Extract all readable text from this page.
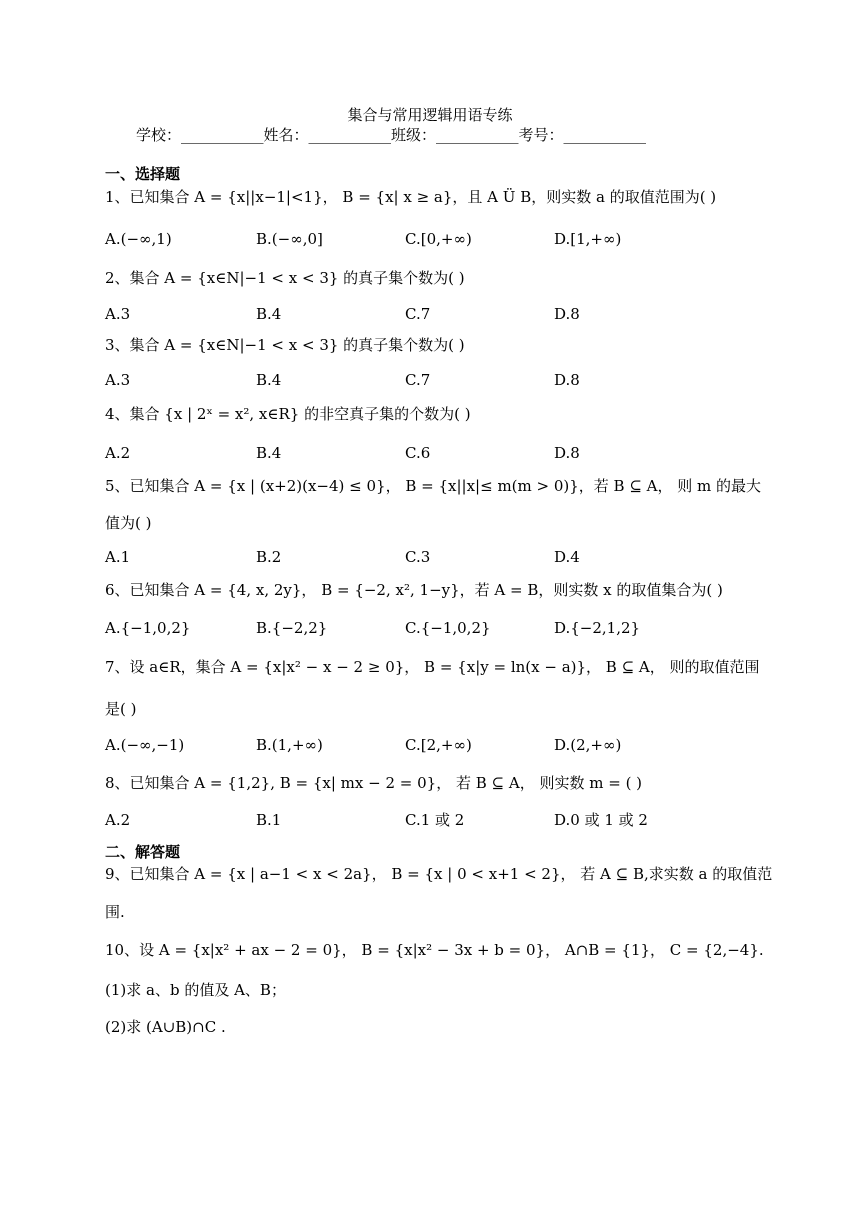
集合与常用逻辑用语专练
学校：___________姓名：___________班级：___________考号：___________
一、选择题
1、已知集合 A = {x||x−1|<1}， B = {x| x ≥ a}，且 A Ü B，则实数 a 的取值范围为( )
A.(−∞,1)	B.(−∞,0]	C.[0,+∞)	D.[1,+∞)
2、集合 A = {x∈N|−1 < x < 3} 的真子集个数为( )
A.3	B.4	C.7	D.8
3、集合 A = {x∈N|−1 < x < 3} 的真子集个数为( )
A.3	B.4	C.7	D.8
4、集合 {x | 2ˣ = x², x∈R} 的非空真子集的个数为( )
A.2	B.4	C.6	D.8
5、已知集合 A = {x | (x+2)(x−4) ≤ 0}， B = {x||x|≤ m(m > 0)}，若 B ⊆ A， 则 m 的最大
值为( )
A.1	B.2	C.3	D.4
6、已知集合 A = {4, x, 2y}， B = {−2, x², 1−y}，若 A = B，则实数 x 的取值集合为( )
A.{−1,0,2}	B.{−2,2}	C.{−1,0,2}	D.{−2,1,2}
7、设 a∈R，集合 A = {x|x² − x − 2 ≥ 0}， B = {x|y = ln(x − a)}， B ⊆ A， 则的取值范围
是( )
A.(−∞,−1)	B.(1,+∞)	C.[2,+∞)	D.(2,+∞)
8、已知集合 A = {1,2}, B = {x| mx − 2 = 0}， 若 B ⊆ A， 则实数 m = ( )
A.2	B.1	C.1 或 2	D.0 或 1 或 2
二、解答题
9、已知集合 A = {x | a−1 < x < 2a}， B = {x | 0 < x+1 < 2}， 若 A ⊆ B,求实数 a 的取值范
围.
10、设 A = {x|x² + ax − 2 = 0}， B = {x|x² − 3x + b = 0}， A∩B = {1}， C = {2,−4}.
(1)求 a、b 的值及 A、B；
(2)求 (A∪B)∩C .
